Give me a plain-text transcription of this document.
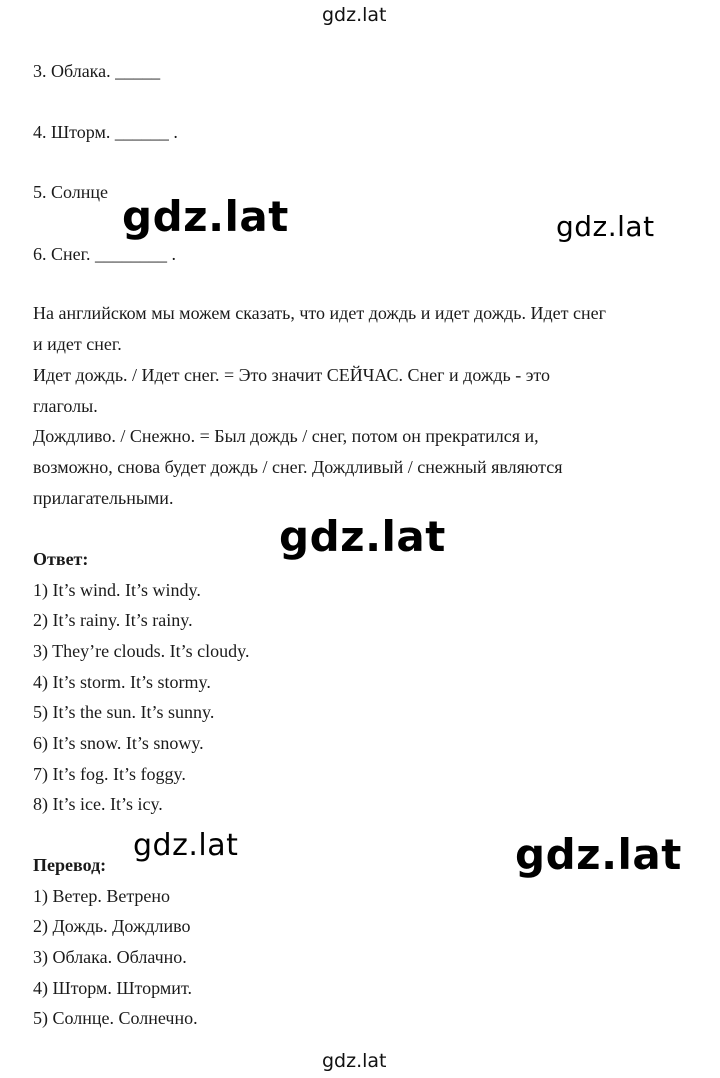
gdz.lat
3. Облака. _____
4. Шторм. ______ .
5. Солнце
6. Снег. ________ .
gdz.lat	gdz.lat
На английском мы можем сказать, что идет дождь и идет дождь. Идет снег
и идет снег.
Идет дождь. / Идет снег. = Это значит СЕЙЧАС. Снег и дождь - это
глаголы.
Дождливо. / Снежно. = Был дождь / снег, потом он прекратился и,
возможно, снова будет дождь / снег. Дождливый / снежный являются
прилагательными.
gdz.lat
Ответ:
1) It’s wind. It’s windy.
2) It’s rainy. It’s rainy.
3) They’re clouds. It’s cloudy.
4) It’s storm. It’s stormy.
5) It’s the sun. It’s sunny.
6) It’s snow. It’s snowy.
7) It’s fog. It’s foggy.
8) It’s ice. It’s icy.
gdz.lat	gdz.lat
Перевод:
1) Ветер. Ветрено
2) Дождь. Дождливо
3) Облака. Облачно.
4) Шторм. Штормит.
5) Солнце. Солнечно.
gdz.lat
